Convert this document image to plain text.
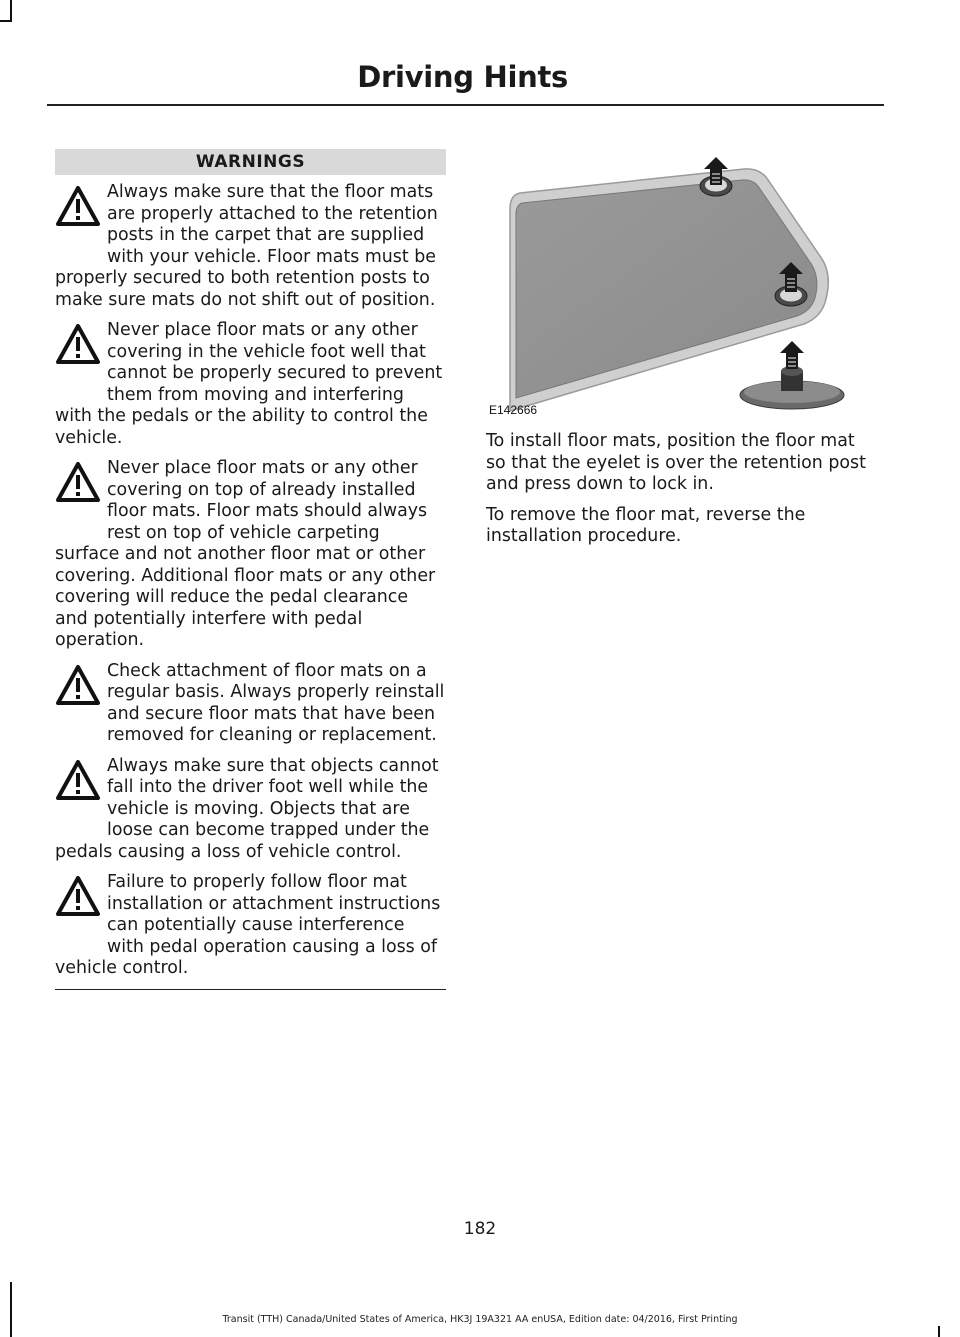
Driving Hints
WARNINGS

Always make sure that the floor mats are properly attached to the retention posts in the carpet that are supplied with your vehicle. Floor mats must be properly secured to both retention posts to make sure mats do not shift out of position.

Never place floor mats or any other covering in the vehicle foot well that cannot be properly secured to prevent them from moving and interfering with the pedals or the ability to control the vehicle.

Never place floor mats or any other covering on top of already installed floor mats. Floor mats should always rest on top of vehicle carpeting surface and not another floor mat or other covering. Additional floor mats or any other covering will reduce the pedal clearance and potentially interfere with pedal operation.

Check attachment of floor mats on a regular basis. Always properly reinstall and secure floor mats that have been removed for cleaning or replacement.

Always make sure that objects cannot fall into the driver foot well while the vehicle is moving. Objects that are loose can become trapped under the pedals causing a loss of vehicle control.

Failure to properly follow floor mat installation or attachment instructions can potentially cause interference with pedal operation causing a loss of vehicle control.

E142666

To install floor mats, position the floor mat so that the eyelet is over the retention post and press down to lock in.

To remove the floor mat, reverse the installation procedure.

182
Transit (TTH) Canada/United States of America, HK3J 19A321 AA enUSA, Edition date: 04/2016, First Printing
